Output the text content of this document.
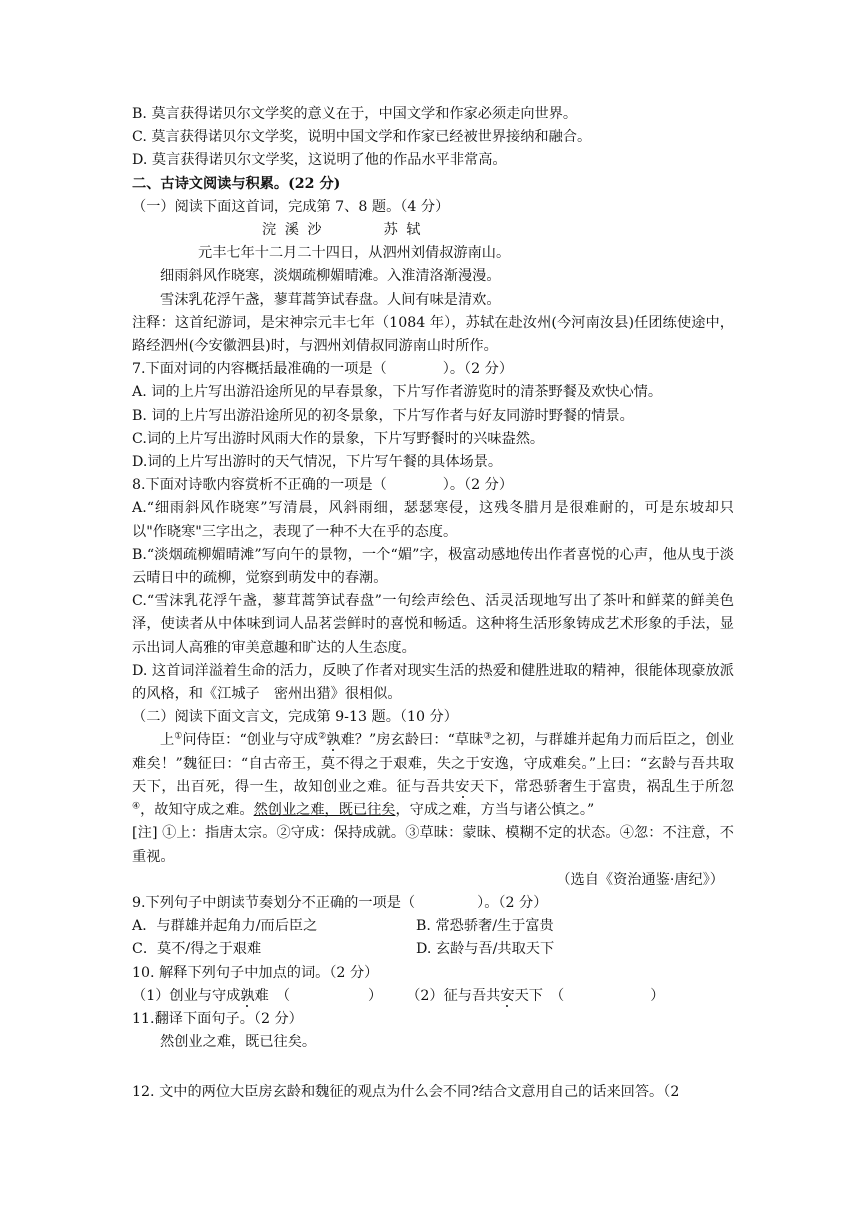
B. 莫言获得诺贝尔文学奖的意义在于，中国文学和作家必须走向世界。
C. 莫言获得诺贝尔文学奖，说明中国文学和作家已经被世界接纳和融合。
D. 莫言获得诺贝尔文学奖，这说明了他的作品水平非常高。
二、古诗文阅读与积累。(22 分)
（一）阅读下面这首词，完成第 7、8 题。（4 分）
浣 溪 沙	苏 轼
元丰七年十二月二十四日，从泗州刘倩叔游南山。
细雨斜风作晓寒，淡烟疏柳媚晴滩。入淮清洛渐漫漫。
雪沫乳花浮午盏，蓼茸蒿笋试春盘。人间有味是清欢。
注释：这首纪游词，是宋神宗元丰七年（1084 年），苏轼在赴汝州(今河南汝县)任团练使途中，路经泗州(今安徽泗县)时，与泗州刘倩叔同游南山时所作。
7.下面对词的内容概括最准确的一项是（	）。（2 分）
A. 词的上片写出游沿途所见的早春景象，下片写作者游览时的清茶野餐及欢快心情。
B. 词的上片写出游沿途所见的初冬景象，下片写作者与好友同游时野餐的情景。
C.词的上片写出游时风雨大作的景象，下片写野餐时的兴味盎然。
D.词的上片写出游时的天气情况，下片写午餐的具体场景。
8.下面对诗歌内容赏析不正确的一项是（	）。（2 分）
A.“细雨斜风作晓寒”写清晨，风斜雨细，瑟瑟寒侵，这残冬腊月是很难耐的，可是东坡却只以"作晓寒"三字出之，表现了一种不大在乎的态度。
B.“淡烟疏柳媚晴滩”写向午的景物，一个“媚”字，极富动感地传出作者喜悦的心声，他从曳于淡云晴日中的疏柳，觉察到萌发中的春潮。
C.“雪沫乳花浮午盏，蓼茸蒿笋试春盘”一句绘声绘色、活灵活现地写出了茶叶和鲜菜的鲜美色泽，使读者从中体味到词人品茗尝鲜时的喜悦和畅适。这种将生活形象铸成艺术形象的手法，显示出词人高雅的审美意趣和旷达的人生态度。
D. 这首词洋溢着生命的活力，反映了作者对现实生活的热爱和健胜进取的精神，很能体现豪放派的风格，和《江城子　密州出猎》很相似。
（二）阅读下面文言文，完成第 9-13 题。（10 分）
上①问侍臣：“创业与守成②孰难？”房玄龄曰：“草昧③之初，与群雄并起角力而后臣之，创业难矣！”魏征曰：“自古帝王，莫不得之于艰难，失之于安逸，守成难矣。”上曰：“玄龄与吾共取天下，出百死，得一生，故知创业之难。征与吾共安天下，常恐骄奢生于富贵，祸乱生于所忽④，故知守成之难。然创业之难，既已往矣，守成之难，方当与诸公慎之。”
[注] ①上：指唐太宗。②守成：保持成就。③草昧：蒙昧、模糊不定的状态。④忽：不注意，不重视。
（选自《资治通鉴·唐纪》）
9.下列句子中朗读节奏划分不正确的一项是（	）。（2 分）
A．与群雄并起角力/而后臣之	B. 常恐骄奢/生于富贵
C．莫不/得之于艰难	D. 玄龄与吾/共取天下
10. 解释下列句子中加点的词。（2 分）
（1）创业与守成孰难　（	） （2）征与吾共安天下　（	）
11.翻译下面句子。（2 分）
然创业之难，既已往矣。
12. 文中的两位大臣房玄龄和魏征的观点为什么会不同?结合文意用自己的话来回答。（2
